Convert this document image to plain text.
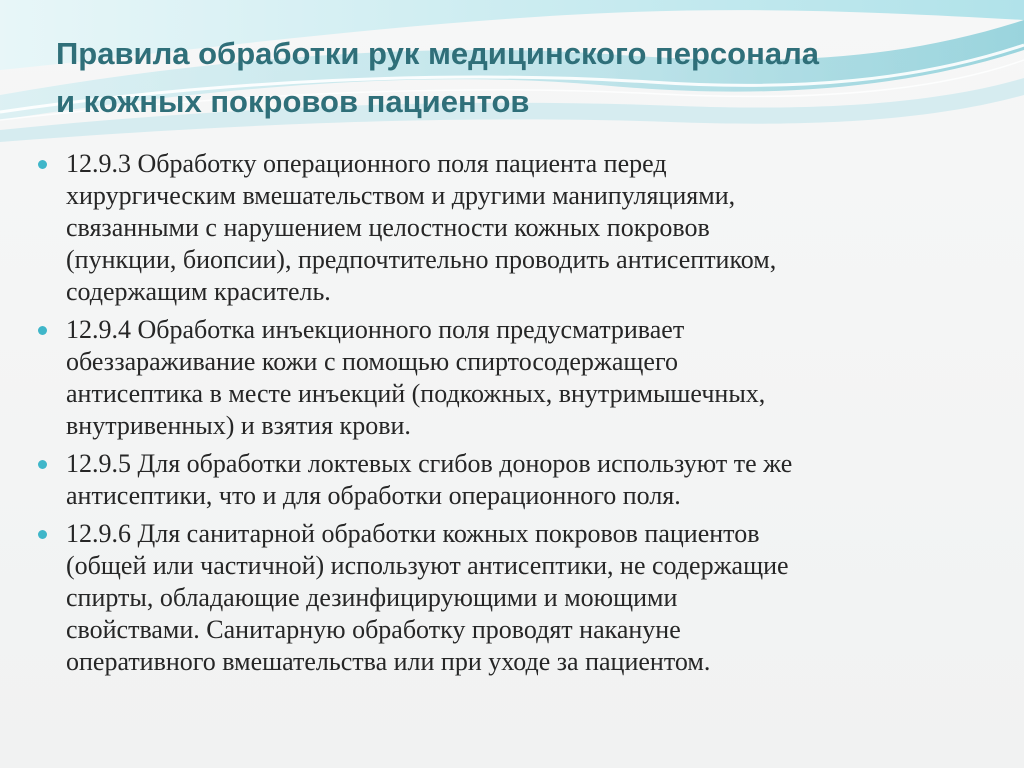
Правила обработки рук медицинского персонала
и кожных покровов пациентов
12.9.3 Обработку операционного поля пациента перед
хирургическим вмешательством и другими манипуляциями,
связанными с нарушением целостности кожных покровов
(пункции, биопсии), предпочтительно проводить антисептиком,
содержащим краситель.
12.9.4 Обработка инъекционного поля предусматривает
обеззараживание кожи с помощью спиртосодержащего
антисептика в месте инъекций (подкожных, внутримышечных,
внутривенных) и взятия крови.
12.9.5 Для обработки локтевых сгибов доноров используют те же
антисептики, что и для обработки операционного поля.
12.9.6 Для санитарной обработки кожных покровов пациентов
(общей или частичной) используют антисептики, не содержащие
спирты, обладающие дезинфицирующими и моющими
свойствами. Санитарную обработку проводят накануне
оперативного вмешательства или при уходе за пациентом.
